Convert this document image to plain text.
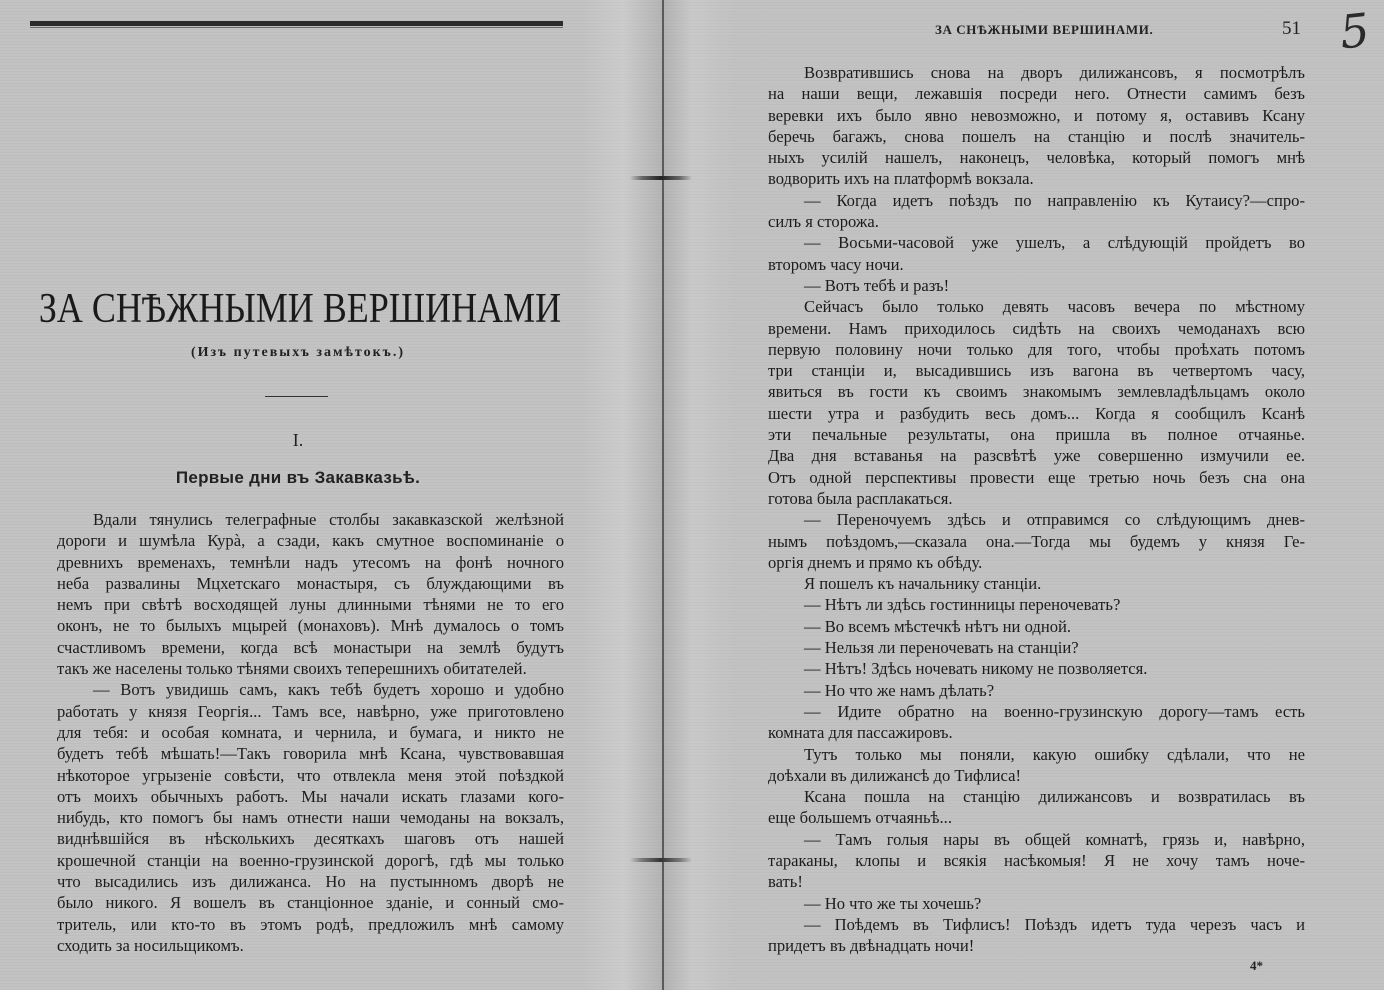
ЗА СНѢЖНЫМИ ВЕРШИНАМИ
(Изъ путевыхъ замѣтокъ.)
I.
Первые дни въ Закавказьѣ.
Вдали тянулись телеграфные столбы закавказской желѣзной
дороги и шумѣла Курà, а сзади, какъ смутное воспоминаніе о
древнихъ временахъ, темнѣли надъ утесомъ на фонѣ ночного
неба развалины Мцхетскаго монастыря, съ блуждающими въ
немъ при свѣтѣ восходящей луны длинными тѣнями не то его
оконъ, не то былыхъ мцырей (монаховъ). Мнѣ думалось о томъ
счастливомъ времени, когда всѣ монастыри на землѣ будутъ
такъ же населены только тѣнями своихъ теперешнихъ обитателей.
— Вотъ увидишь самъ, какъ тебѣ будетъ хорошо и удобно
работать у князя Георгія... Тамъ все, навѣрно, уже приготовлено
для тебя: и особая комната, и чернила, и бумага, и никто не
будетъ тебѣ мѣшать!—Такъ говорила мнѣ Ксана, чувствовавшая
нѣкоторое угрызеніе совѣсти, что отвлекла меня этой поѣздкой
отъ моихъ обычныхъ работъ. Мы начали искать глазами кого-
нибудь, кто помогъ бы намъ отнести наши чемоданы на вокзалъ,
виднѣвшійся въ нѣсколькихъ десяткахъ шаговъ отъ нашей
крошечной станціи на военно-грузинской дорогѣ, гдѣ мы только
что высадились изъ дилижанса. Но на пустынномъ дворѣ не
было никого. Я вошелъ въ станціонное зданіе, и сонный смо-
тритель, или кто-то въ этомъ родѣ, предложилъ мнѣ самому
сходить за носильщикомъ.
ЗА СНѢЖНЫМИ ВЕРШИНАМИ.	51 5
Возвратившись снова на дворъ дилижансовъ, я посмотрѣлъ
на наши вещи, лежавшія посреди него. Отнести самимъ безъ
веревки ихъ было явно невозможно, и потому я, оставивъ Ксану
беречь багажъ, снова пошелъ на станцію и послѣ значитель-
ныхъ усилій нашелъ, наконецъ, человѣка, который помогъ мнѣ
водворить ихъ на платформѣ вокзала.
— Когда идетъ поѣздъ по направленію къ Кутаису?—спро-
силъ я сторожа.
— Восьми-часовой уже ушелъ, а слѣдующій пройдетъ во
второмъ часу ночи.
— Вотъ тебѣ и разъ!
Сейчасъ было только девять часовъ вечера по мѣстному
времени. Намъ приходилось сидѣть на своихъ чемоданахъ всю
первую половину ночи только для того, чтобы проѣхать потомъ
три станціи и, высадившись изъ вагона въ четвертомъ часу,
явиться въ гости къ своимъ знакомымъ землевладѣльцамъ около
шести утра и разбудить весь домъ... Когда я сообщилъ Ксанѣ
эти печальные результаты, она пришла въ полное отчаянье.
Два дня вставанья на разсвѣтѣ уже совершенно измучили ее.
Отъ одной перспективы провести еще третью ночь безъ сна она
готова была расплакаться.
— Переночуемъ здѣсь и отправимся со слѣдующимъ днев-
нымъ поѣздомъ,—сказала она.—Тогда мы будемъ у князя Ге-
оргія днемъ и прямо къ обѣду.
Я пошелъ къ начальнику станціи.
— Нѣтъ ли здѣсь гостинницы переночевать?
— Во всемъ мѣстечкѣ нѣтъ ни одной.
— Нельзя ли переночевать на станціи?
— Нѣтъ! Здѣсь ночевать никому не позволяется.
— Но что же намъ дѣлать?
— Идите обратно на военно-грузинскую дорогу—тамъ есть
комната для пассажировъ.
Тутъ только мы поняли, какую ошибку сдѣлали, что не
доѣхали въ дилижансѣ до Тифлиса!
Ксана пошла на станцію дилижансовъ и возвратилась въ
еще большемъ отчаяньѣ...
— Тамъ голыя нары въ общей комнатѣ, грязь и, навѣрно,
тараканы, клопы и всякія насѣкомыя! Я не хочу тамъ ноче-
вать!
— Но что же ты хочешь?
— Поѣдемъ въ Тифлисъ! Поѣздъ идетъ туда черезъ часъ и
придетъ въ двѣнадцать ночи!
4*
